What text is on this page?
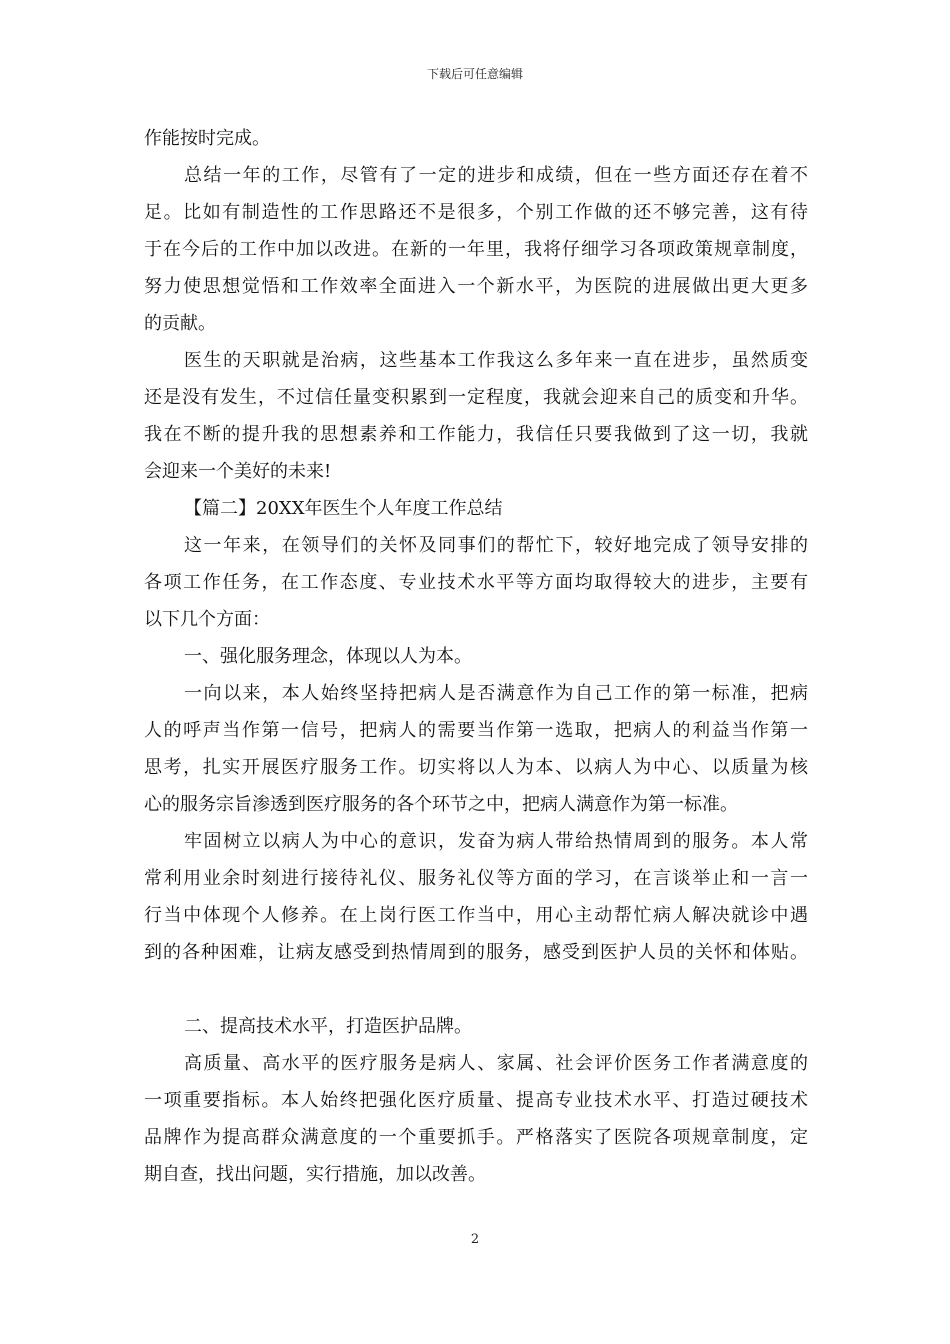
下载后可任意编辑
作能按时完成。
总结一年的工作，尽管有了一定的进步和成绩，但在一些方面还存在着不
足。比如有制造性的工作思路还不是很多，个别工作做的还不够完善，这有待
于在今后的工作中加以改进。在新的一年里，我将仔细学习各项政策规章制度，
努力使思想觉悟和工作效率全面进入一个新水平，为医院的进展做出更大更多
的贡献。
医生的天职就是治病，这些基本工作我这么多年来一直在进步，虽然质变
还是没有发生，不过信任量变积累到一定程度，我就会迎来自己的质变和升华。
我在不断的提升我的思想素养和工作能力，我信任只要我做到了这一切，我就
会迎来一个美好的未来!
【篇二】20XX年医生个人年度工作总结
这一年来，在领导们的关怀及同事们的帮忙下，较好地完成了领导安排的
各项工作任务，在工作态度、专业技术水平等方面均取得较大的进步，主要有
以下几个方面：
一、强化服务理念，体现以人为本。
一向以来，本人始终坚持把病人是否满意作为自己工作的第一标准，把病
人的呼声当作第一信号，把病人的需要当作第一选取，把病人的利益当作第一
思考，扎实开展医疗服务工作。切实将以人为本、以病人为中心、以质量为核
心的服务宗旨渗透到医疗服务的各个环节之中，把病人满意作为第一标准。
牢固树立以病人为中心的意识，发奋为病人带给热情周到的服务。本人常
常利用业余时刻进行接待礼仪、服务礼仪等方面的学习，在言谈举止和一言一
行当中体现个人修养。在上岗行医工作当中，用心主动帮忙病人解决就诊中遇
到的各种困难，让病友感受到热情周到的服务，感受到医护人员的关怀和体贴。
二、提高技术水平，打造医护品牌。
高质量、高水平的医疗服务是病人、家属、社会评价医务工作者满意度的
一项重要指标。本人始终把强化医疗质量、提高专业技术水平、打造过硬技术
品牌作为提高群众满意度的一个重要抓手。严格落实了医院各项规章制度，定
期自查，找出问题，实行措施，加以改善。
2
